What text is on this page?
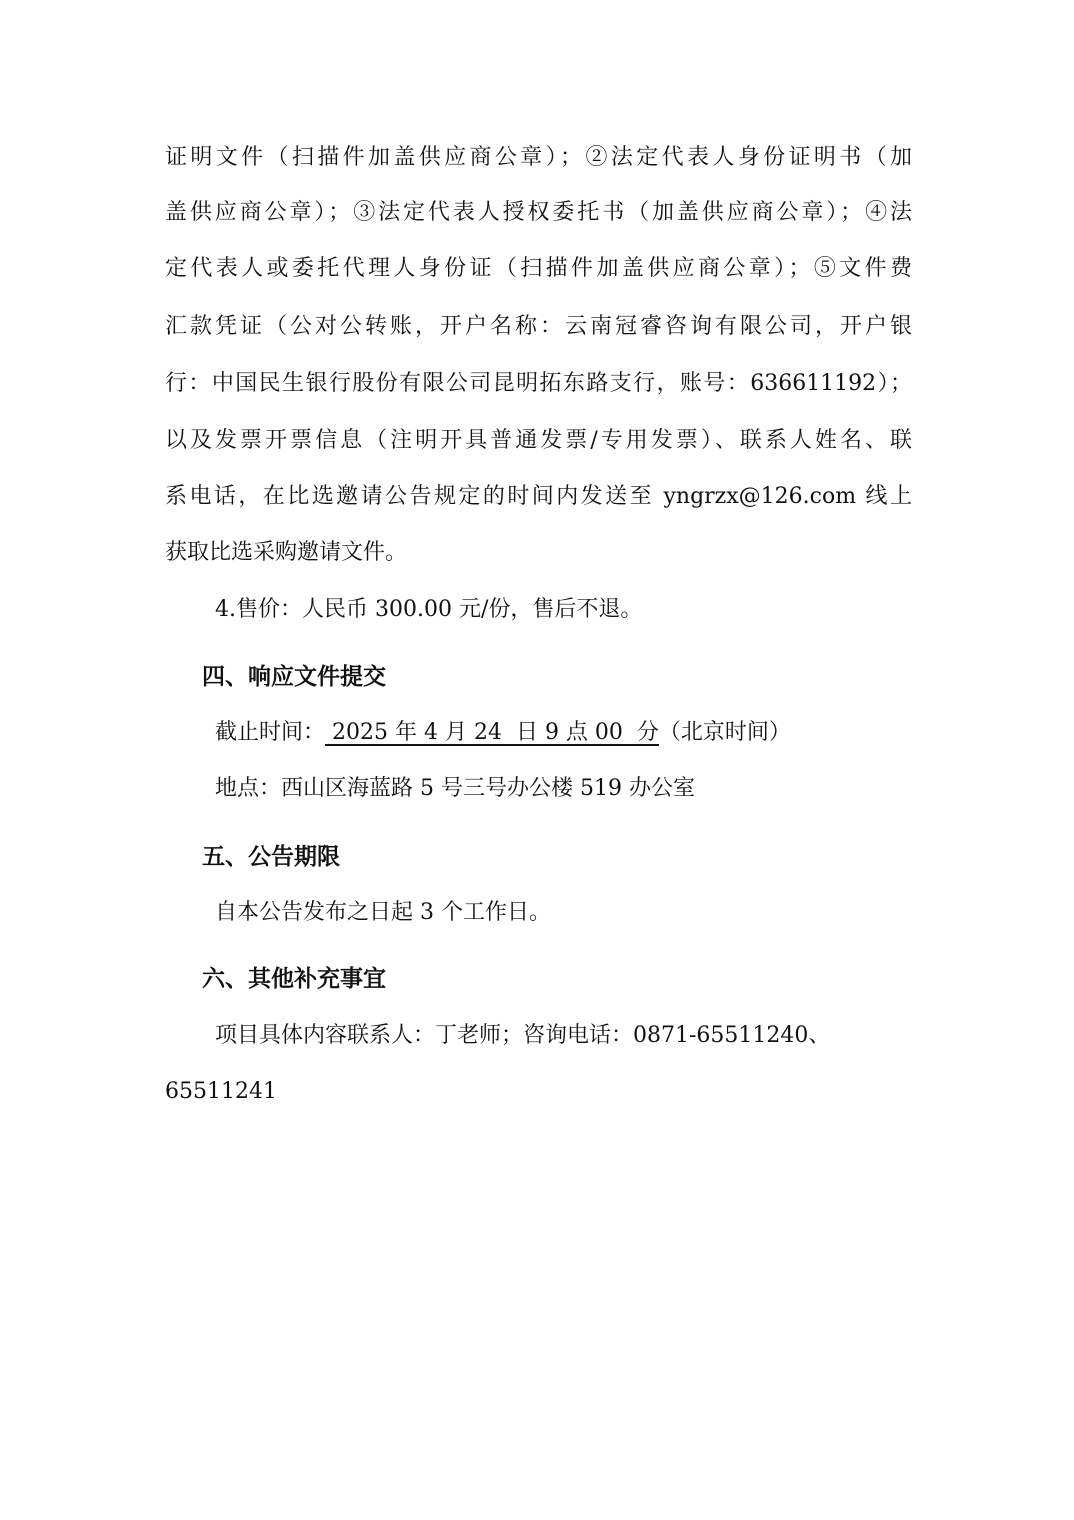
证明文件（扫描件加盖供应商公章）；②法定代表人身份证明书（加
盖供应商公章）；③法定代表人授权委托书（加盖供应商公章）；④法
定代表人或委托代理人身份证（扫描件加盖供应商公章）；⑤文件费
汇款凭证（公对公转账，开户名称：云南冠睿咨询有限公司，开户银
行：中国民生银行股份有限公司昆明拓东路支行，账号：636611192）；
以及发票开票信息（注明开具普通发票/专用发票）、联系人姓名、联
系电话，在比选邀请公告规定的时间内发送至 yngrzx@126.com 线上
获取比选采购邀请文件。
4.售价：人民币 300.00 元/份，售后不退。
四、响应文件提交
截止时间： 2025 年 4 月 24  日 9 点 00  分（北京时间）
地点：西山区海蓝路 5 号三号办公楼 519 办公室
五、公告期限
自本公告发布之日起 3 个工作日。
六、其他补充事宜
项目具体内容联系人：丁老师；咨询电话：0871-65511240、
65511241
